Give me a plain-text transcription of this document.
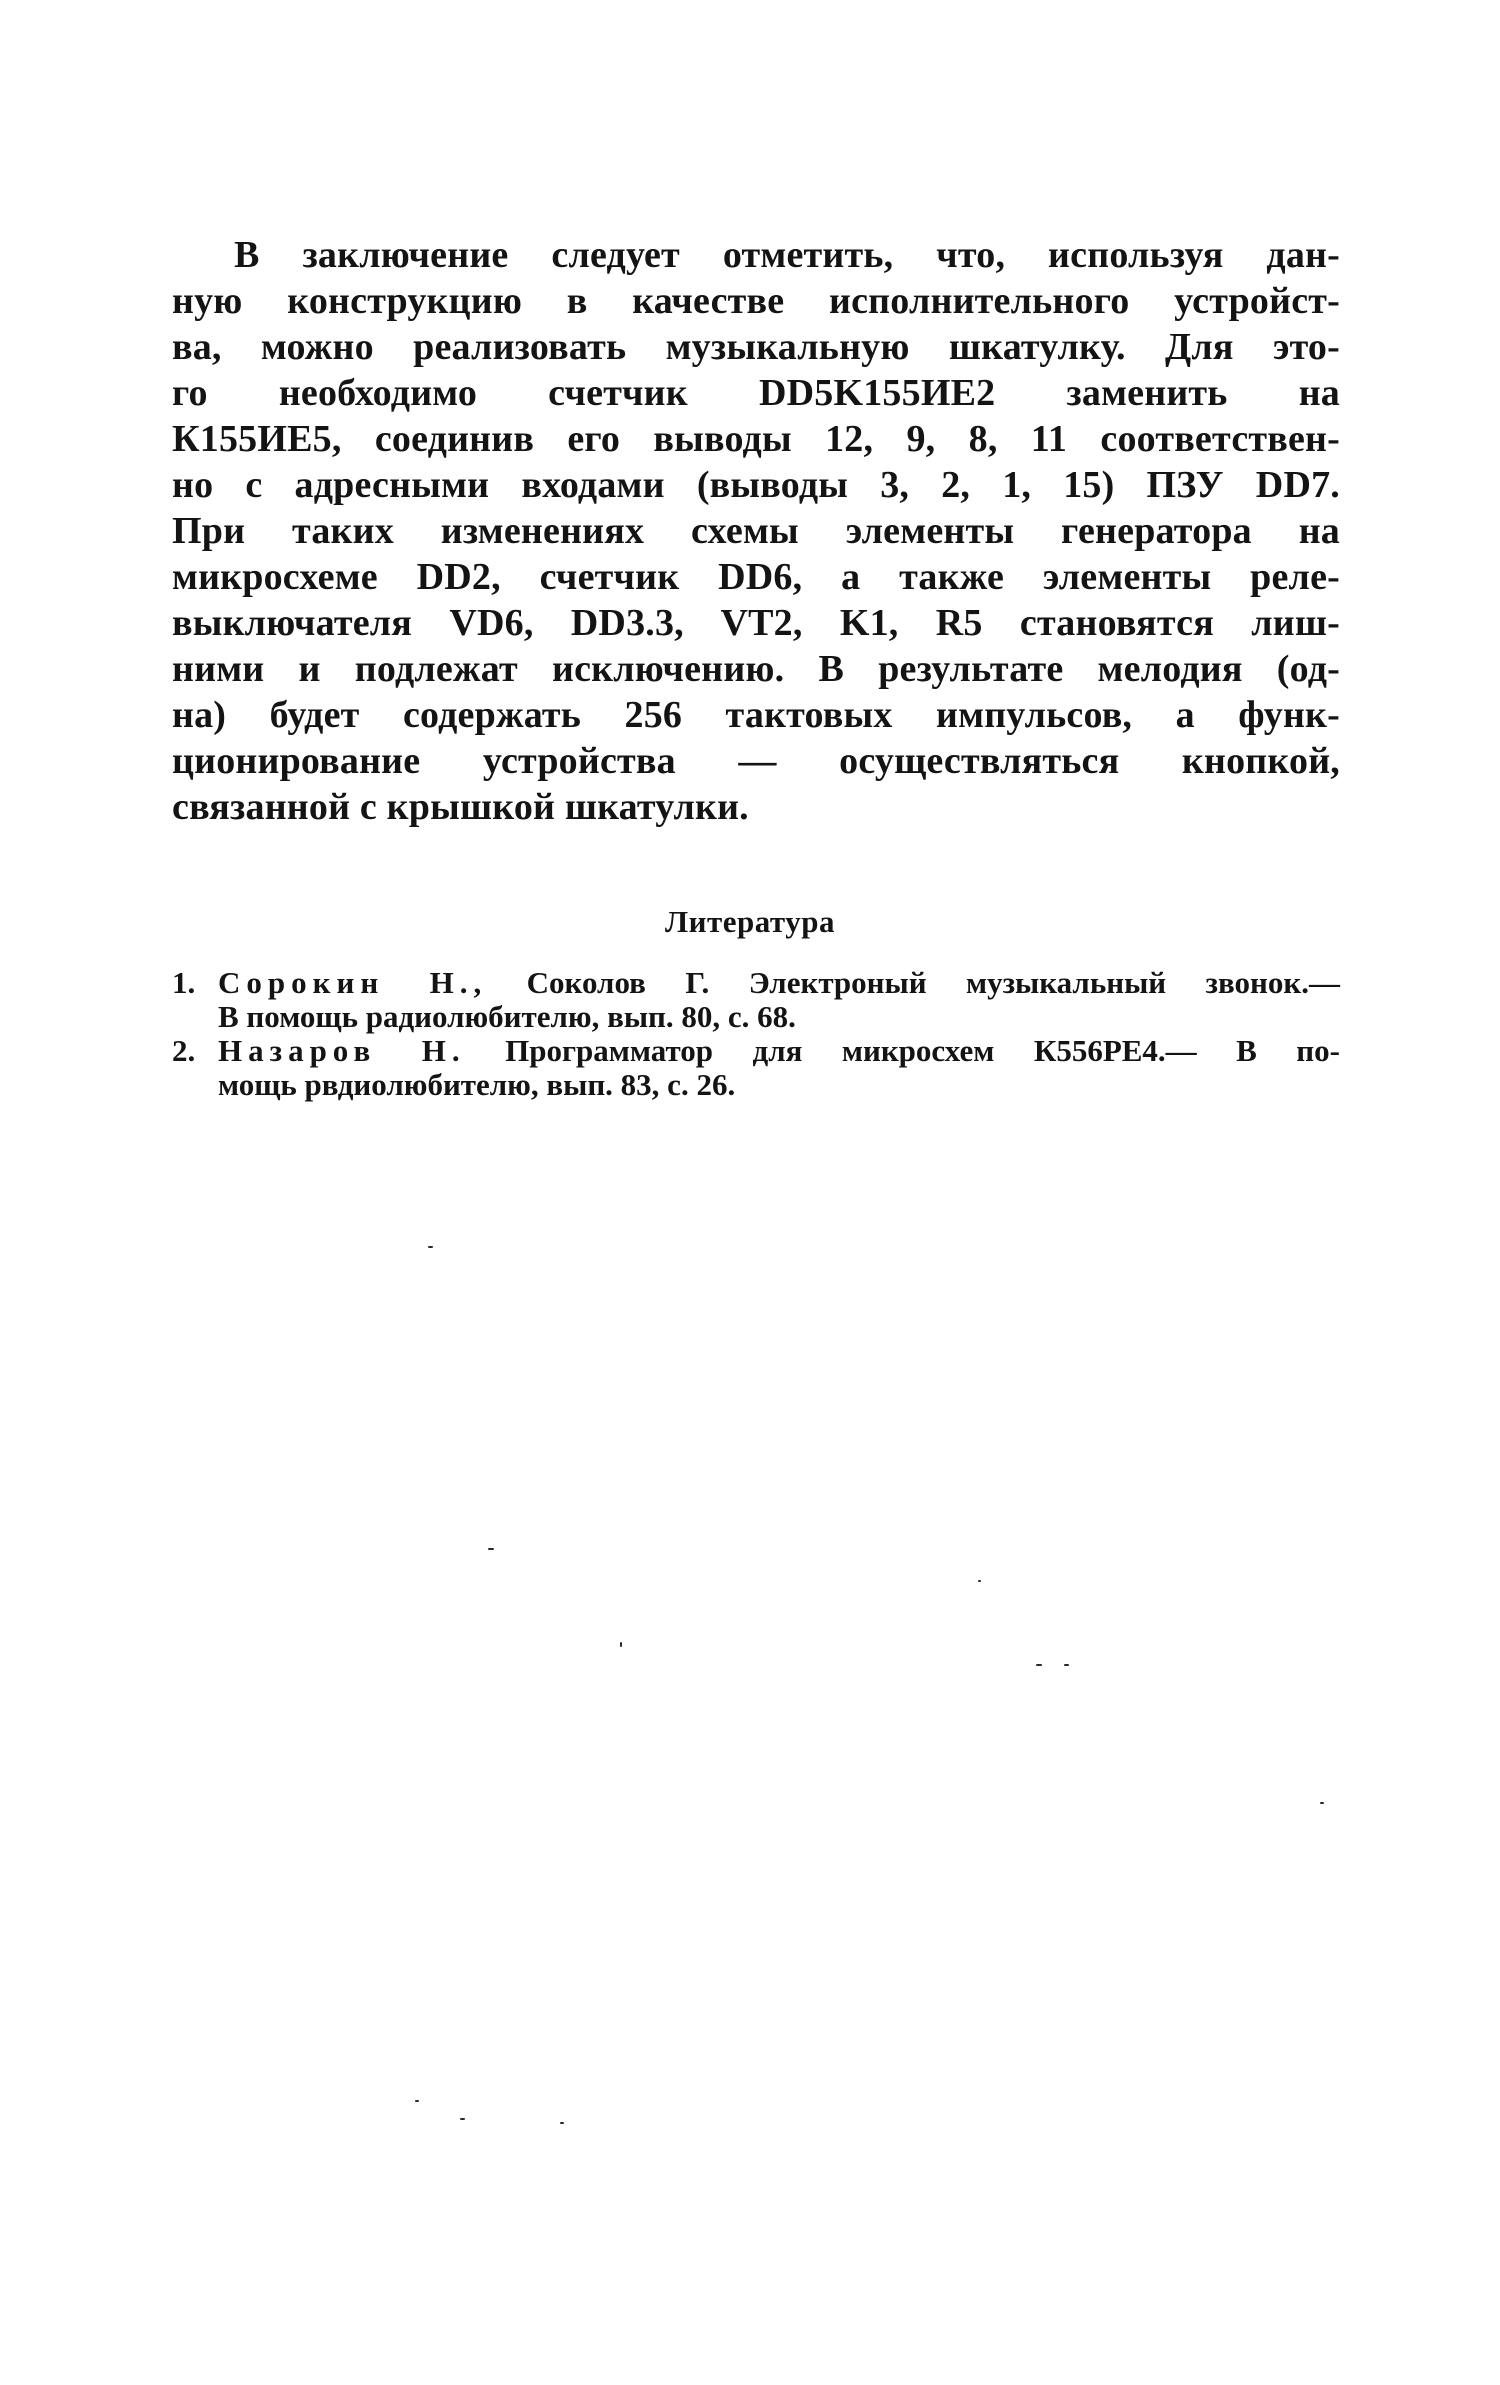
В заключение следует отметить, что, используя дан-
ную конструкцию в качестве исполнительного устройст-
ва, можно реализовать музыкальную шкатулку. Для это-
го необходимо счетчик DD5K155ИЕ2 заменить на
К155ИЕ5, соединив его выводы 12, 9, 8, 11 соответствен-
но с адресными входами (выводы 3, 2, 1, 15) ПЗУ DD7.
При таких изменениях схемы элементы генератора на
микросхеме DD2, счетчик DD6, а также элементы реле-
выключателя VD6, DD3.3, VT2, K1, R5 становятся лиш-
ними и подлежат исключению. В результате мелодия (од-
на) будет содержать 256 тактовых импульсов, а функ-
ционирование устройства — осуществляться кнопкой,
связанной с крышкой шкатулки.
Литература
1. Сорокин Н., Соколов Г. Электроный музыкальный звонок.—
В помощь радиолюбителю, вып. 80, с. 68.
2. Назаров Н. Программатор для микросхем К556РЕ4.— В по-
мощь рвдиолюбителю, вып. 83, с. 26.
